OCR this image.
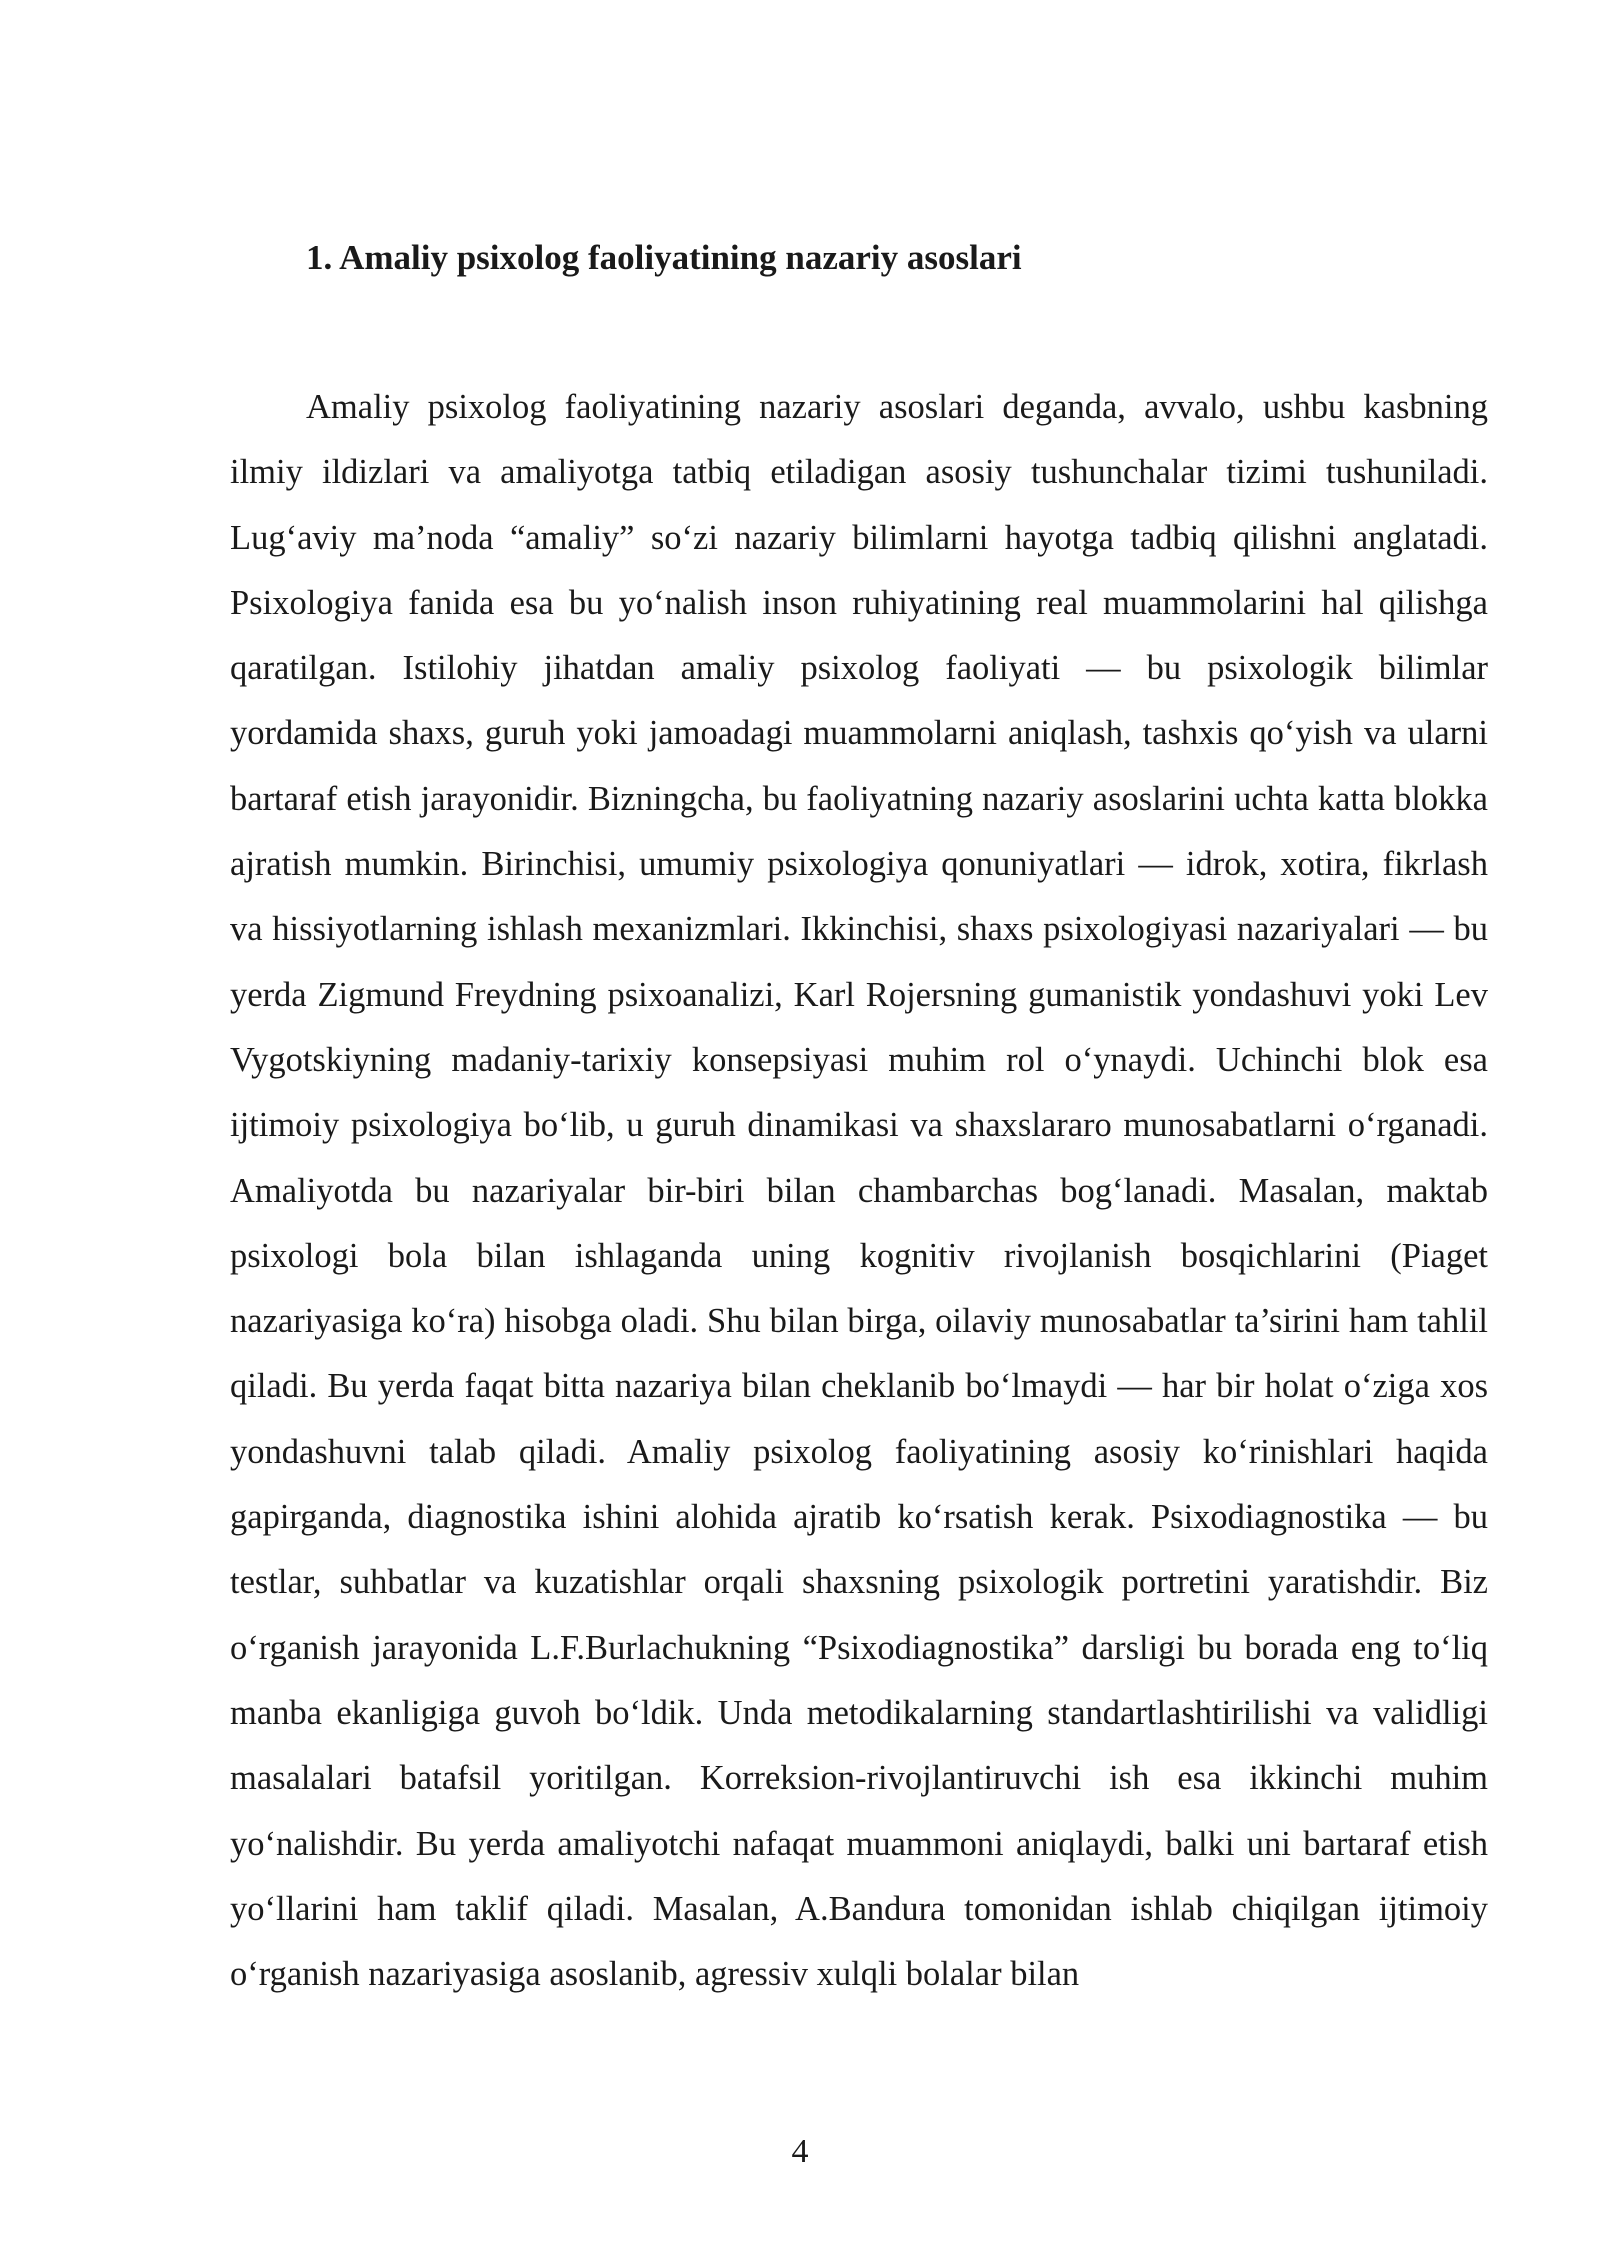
1. Amaliy psixolog faoliyatining nazariy asoslari

Amaliy psixolog faoliyatining nazariy asoslari deganda, avvalo, ushbu kasbning ilmiy ildizlari va amaliyotga tatbiq etiladigan asosiy tushunchalar tizimi tushuniladi. Lug‘aviy ma’noda “amaliy” so‘zi nazariy bilimlarni hayotga tadbiq qilishni anglatadi. Psixologiya fanida esa bu yo‘nalish inson ruhiyatining real muammolarini hal qilishga qaratilgan. Istilohiy jihatdan amaliy psixolog faoliyati — bu psixologik bilimlar yordamida shaxs, guruh yoki jamoadagi muammolarni aniqlash, tashxis qo‘yish va ularni bartaraf etish jarayonidir. Bizningcha, bu faoliyatning nazariy asoslarini uchta katta blokka ajratish mumkin. Birinchisi, umumiy psixologiya qonuniyatlari — idrok, xotira, fikrlash va hissiyotlarning ishlash mexanizmlari. Ikkinchisi, shaxs psixologiyasi nazariyalari — bu yerda Zigmund Freydning psixoanalizi, Karl Rojersning gumanistik yondashuvi yoki Lev Vygotskiyning madaniy-tarixiy konsepsiyasi muhim rol o‘ynaydi. Uchinchi blok esa ijtimoiy psixologiya bo‘lib, u guruh dinamikasi va shaxslararo munosabatlarni o‘rganadi. Amaliyotda bu nazariyalar bir-biri bilan chambarchas bog‘lanadi. Masalan, maktab psixologi bola bilan ishlaganda uning kognitiv rivojlanish bosqichlarini (Piaget nazariyasiga ko‘ra) hisobga oladi. Shu bilan birga, oilaviy munosabatlar ta’sirini ham tahlil qiladi. Bu yerda faqat bitta nazariya bilan cheklanib bo‘lmaydi — har bir holat o‘ziga xos yondashuvni talab qiladi. Amaliy psixolog faoliyatining asosiy ko‘rinishlari haqida gapirganda, diagnostika ishini alohida ajratib ko‘rsatish kerak. Psixodiagnostika — bu testlar, suhbatlar va kuzatishlar orqali shaxsning psixologik portretini yaratishdir. Biz o‘rganish jarayonida L.F.Burlachukning “Psixodiagnostika” darsligi bu borada eng to‘liq manba ekanligiga guvoh bo‘ldik. Unda metodikalarning standartlashtirilishi va validligi masalalari batafsil yoritilgan. Korreksion-rivojlantiruvchi ish esa ikkinchi muhim yo‘nalishdir. Bu yerda amaliyotchi nafaqat muammoni aniqlaydi, balki uni bartaraf etish yo‘llarini ham taklif qiladi. Masalan, A.Bandura tomonidan ishlab chiqilgan ijtimoiy o‘rganish nazariyasiga asoslanib, agressiv xulqli bolalar bilan

4
